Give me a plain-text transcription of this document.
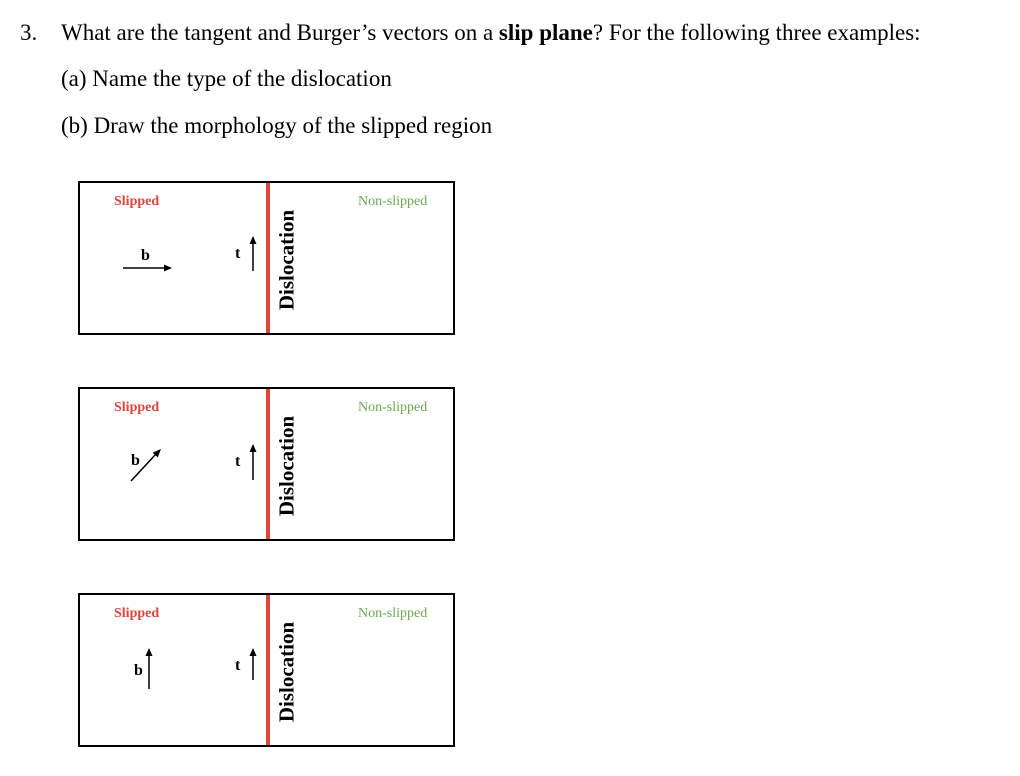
3. What are the tangent and Burger’s vectors on a slip plane? For the following three examples:
(a) Name the type of the dislocation
(b) Draw the morphology of the slipped region
Slipped	Non-slipped
Dislocation
b	t
Slipped	Non-slipped
Dislocation
b	t
Slipped	Non-slipped
Dislocation
b	t
